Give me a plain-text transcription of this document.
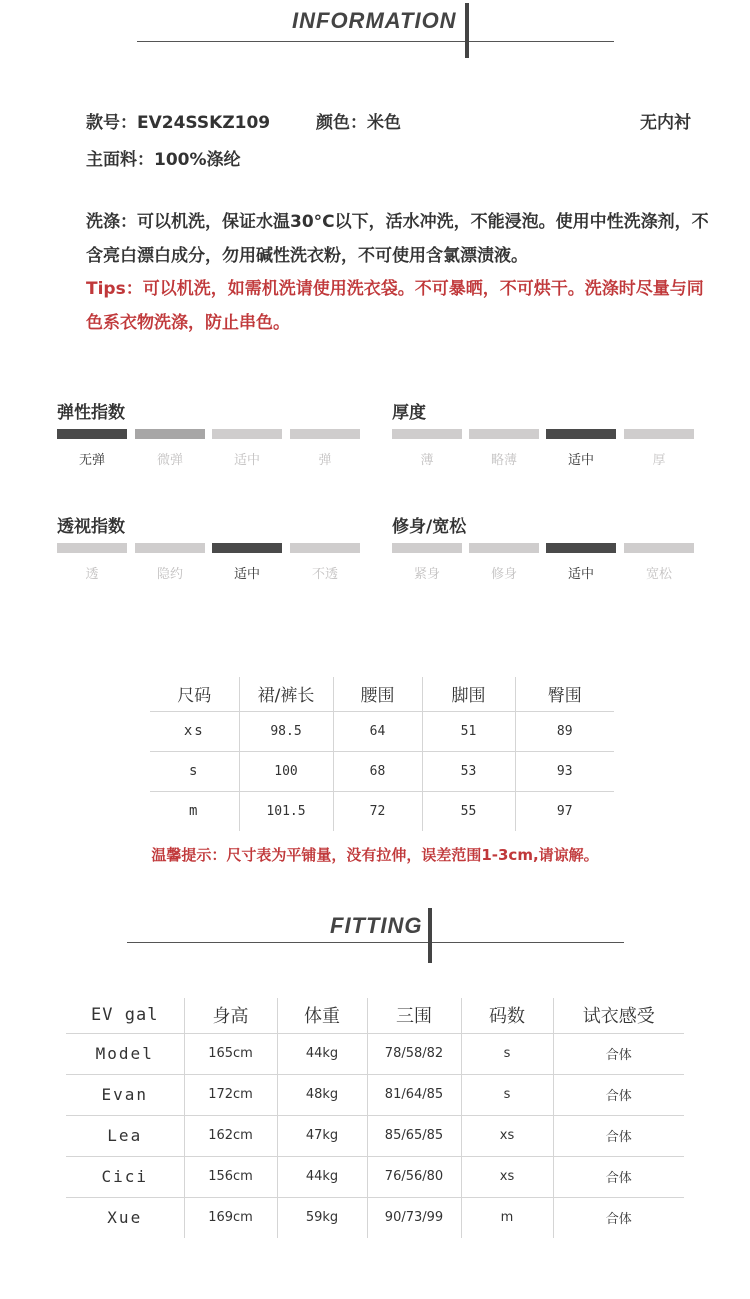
INFORMATION
款号：EV24SSKZ109	颜色：米色	无内衬
主面料：100%涤纶
洗涤：可以机洗，保证水温30°C以下，活水冲洗，不能浸泡。使用中性洗涤剂，不含亮白漂白成分，勿用碱性洗衣粉，不可使用含氯漂渍液。
Tips：可以机洗，如需机洗请使用洗衣袋。不可暴晒，不可烘干。洗涤时尽量与同色系衣物洗涤，防止串色。
弹性指数
无弹	微弹	适中	弹
厚度
薄	略薄	适中	厚
透视指数
透	隐约	适中	不透
修身/宽松
紧身	修身	适中	宽松
尺码	裙/裤长	腰围	脚围	臀围
xs	98.5	64	51	89
s	100	68	53	93
m	101.5	72	55	97
温馨提示：尺寸表为平铺量，没有拉伸，误差范围1-3cm,请谅解。
FITTING
EV gal	身高	体重	三围	码数	试衣感受
Model	165cm	44kg	78/58/82	s	合体
Evan	172cm	48kg	81/64/85	s	合体
Lea	162cm	47kg	85/65/85	xs	合体
Cici	156cm	44kg	76/56/80	xs	合体
Xue	169cm	59kg	90/73/99	m	合体
